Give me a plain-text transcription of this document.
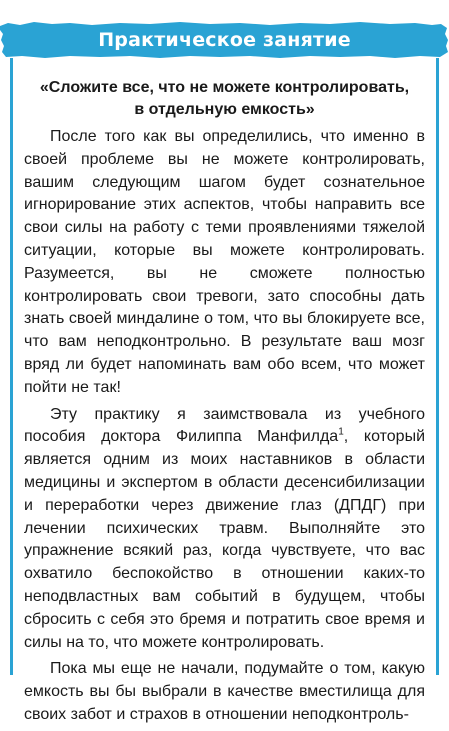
Практическое занятие
«Сложите все, что не можете контролировать,
в отдельную емкость»

После того как вы определились, что именно в своей проблеме вы не можете контролировать, вашим следующим шагом будет сознательное игнорирование этих аспектов, чтобы направить все свои силы на работу с теми проявлениями тяжелой ситуации, которые вы можете контролировать. Разумеется, вы не сможете полностью контролировать свои тревоги, зато способны дать знать своей миндалине о том, что вы блокируете все, что вам неподконтрольно. В результате ваш мозг вряд ли будет напоминать вам обо всем, что может пойти не так!

Эту практику я заимствовала из учебного пособия доктора Филиппа Манфилда$^1$, который является одним из моих наставников в области медицины и экспертом в области десенсибилизации и переработки через движение глаз (ДПДГ) при лечении психических травм. Выполняйте это упражнение всякий раз, когда чувствуете, что вас охватило беспокойство в отношении каких-то неподвластных вам событий в будущем, чтобы сбросить с себя это бремя и потратить свое время и силы на то, что можете контролировать.

Пока мы еще не начали, подумайте о том, какую емкость вы бы выбрали в качестве вместилища для своих забот и страхов в отношении неподконтроль-
